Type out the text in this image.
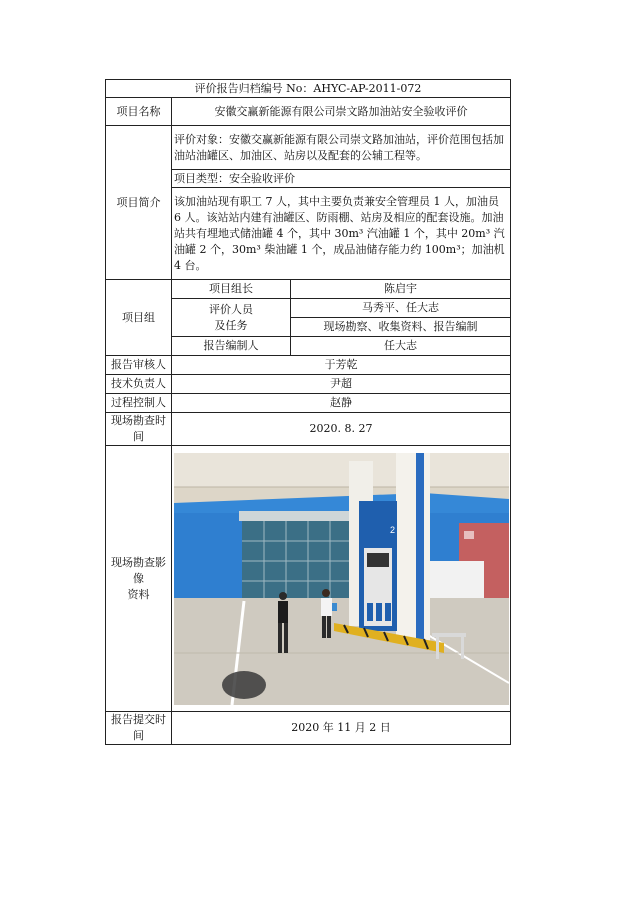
评价报告归档编号 No：AHYC-AP-2011-072		
项目名称	安徽交赢新能源有限公司崇文路加油站安全验收评价	
项目简介	评价对象：安徽交赢新能源有限公司崇文路加油站，评价范围包括加油站油罐区、加油区、站房以及配套的公辅工程等。	
	项目类型：安全验收评价	
	该加油站现有职工 7 人，其中主要负责兼安全管理员 1 人，加油员 6 人。该站站内建有油罐区、防雨棚、站房及相应的配套设施。加油站共有埋地式储油罐 4 个，其中 30m³ 汽油罐 1 个，其中 20m³ 汽油罐 2 个，30m³ 柴油罐 1 个，成品油储存能力约 100m³；加油机 4 台。	
项目组	项目组长	陈启宇

	评价人员
及任务	马秀平、任大志
		现场勘察、收集资料、报告编制
	报告编制人	任大志
报告审核人	于芳乾	
技术负责人	尹超	
过程控制人	赵静	
现场勘查时间	2020. 8. 27	

现场勘查影像
资料	2	

报告提交时间	2020 年 11 月 2 日	
